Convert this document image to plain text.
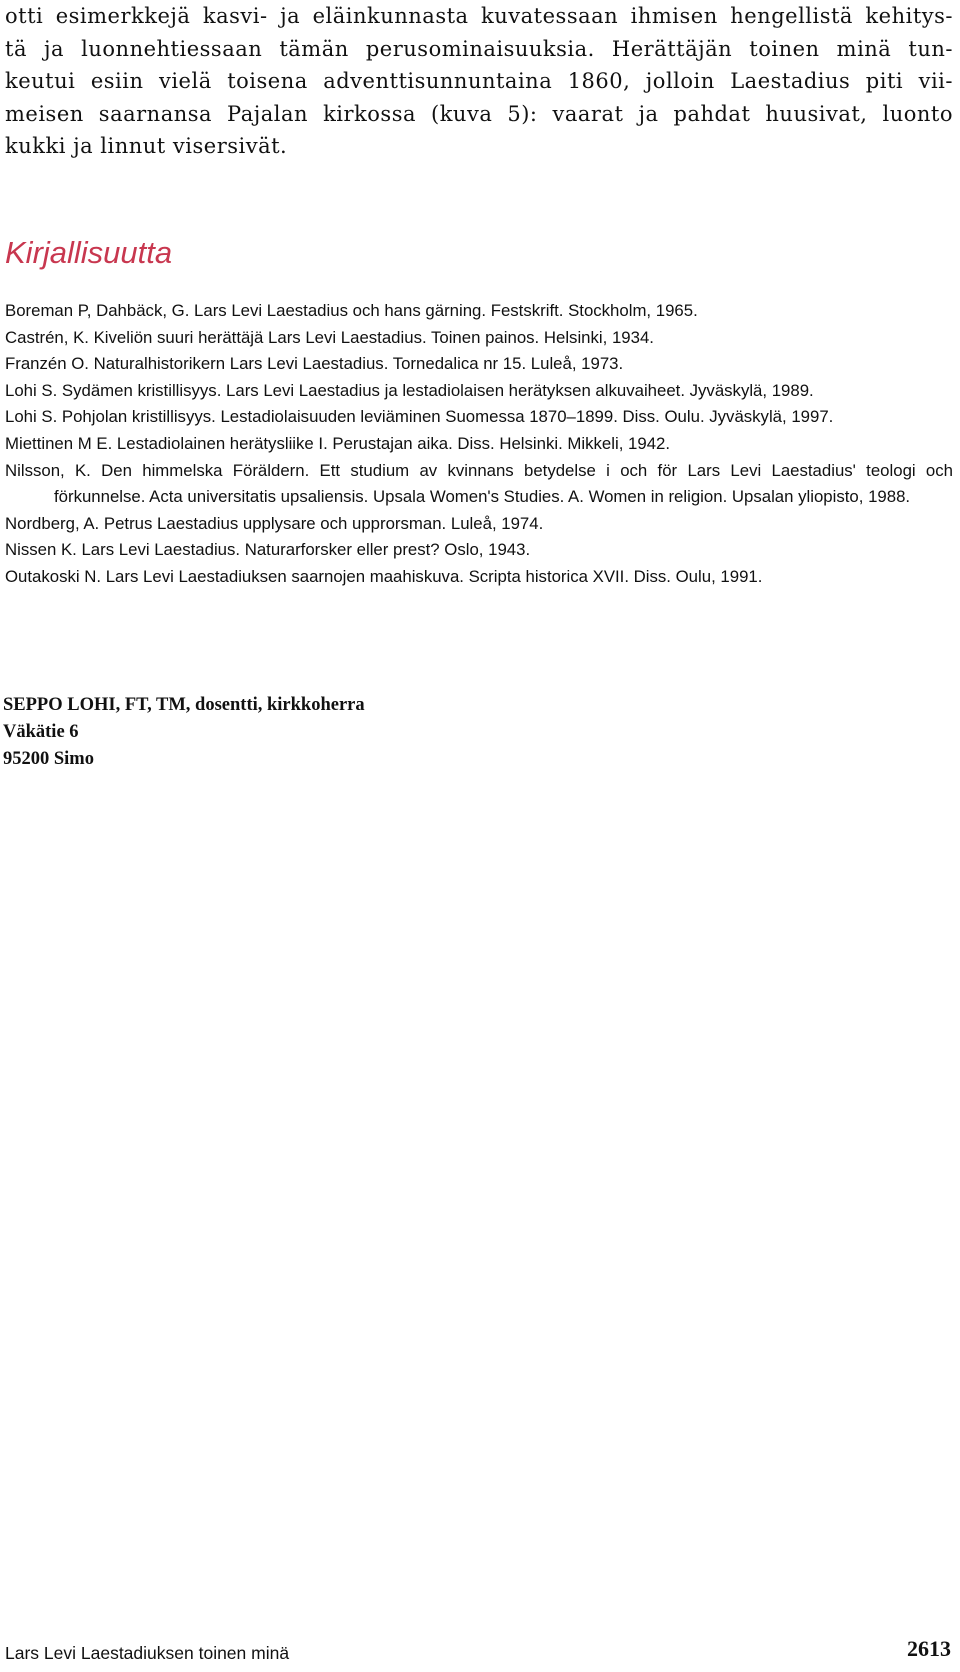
otti esimerkkejä kasvi- ja eläinkunnasta kuvatessaan ihmisen hengellistä kehitys-
tä ja luonnehtiessaan tämän perusominaisuuksia. Herättäjän toinen minä tun-
keutui esiin vielä toisena adventtisunnuntaina 1860, jolloin Laestadius piti vii-
meisen saarnansa Pajalan kirkossa (kuva 5): vaarat ja pahdat huusivat, luonto
kukki ja linnut visersivät.
Kirjallisuutta
Boreman P, Dahbäck, G. Lars Levi Laestadius och hans gärning. Festskrift. Stockholm, 1965.
Castrén, K. Kiveliön suuri herättäjä Lars Levi Laestadius. Toinen painos. Helsinki, 1934.
Franzén O. Naturalhistorikern Lars Levi Laestadius. Tornedalica nr 15. Luleå, 1973.
Lohi S. Sydämen kristillisyys. Lars Levi Laestadius ja lestadiolaisen herätyksen alkuvaiheet. Jyväskylä, 1989.
Lohi S. Pohjolan kristillisyys. Lestadiolaisuuden leviäminen Suomessa 1870–1899. Diss. Oulu. Jyväskylä, 1997.
Miettinen M E. Lestadiolainen herätysliike I. Perustajan aika. Diss. Helsinki. Mikkeli, 1942.
Nilsson, K. Den himmelska Föräldern. Ett studium av kvinnans betydelse i och för Lars Levi Laestadius' teologi och förkunnelse. Acta universitatis upsaliensis. Upsala Women's Studies. A. Women in religion. Upsalan yliopisto, 1988.
Nordberg, A. Petrus Laestadius upplysare och upprorsman. Luleå, 1974.
Nissen K. Lars Levi Laestadius. Naturarforsker eller prest? Oslo, 1943.
Outakoski N. Lars Levi Laestadiuksen saarnojen maahiskuva. Scripta historica XVII. Diss. Oulu, 1991.
SEPPO LOHI, FT, TM, dosentti, kirkkoherra
Väkätie 6
95200 Simo
Lars Levi Laestadiuksen toinen minä	2613
